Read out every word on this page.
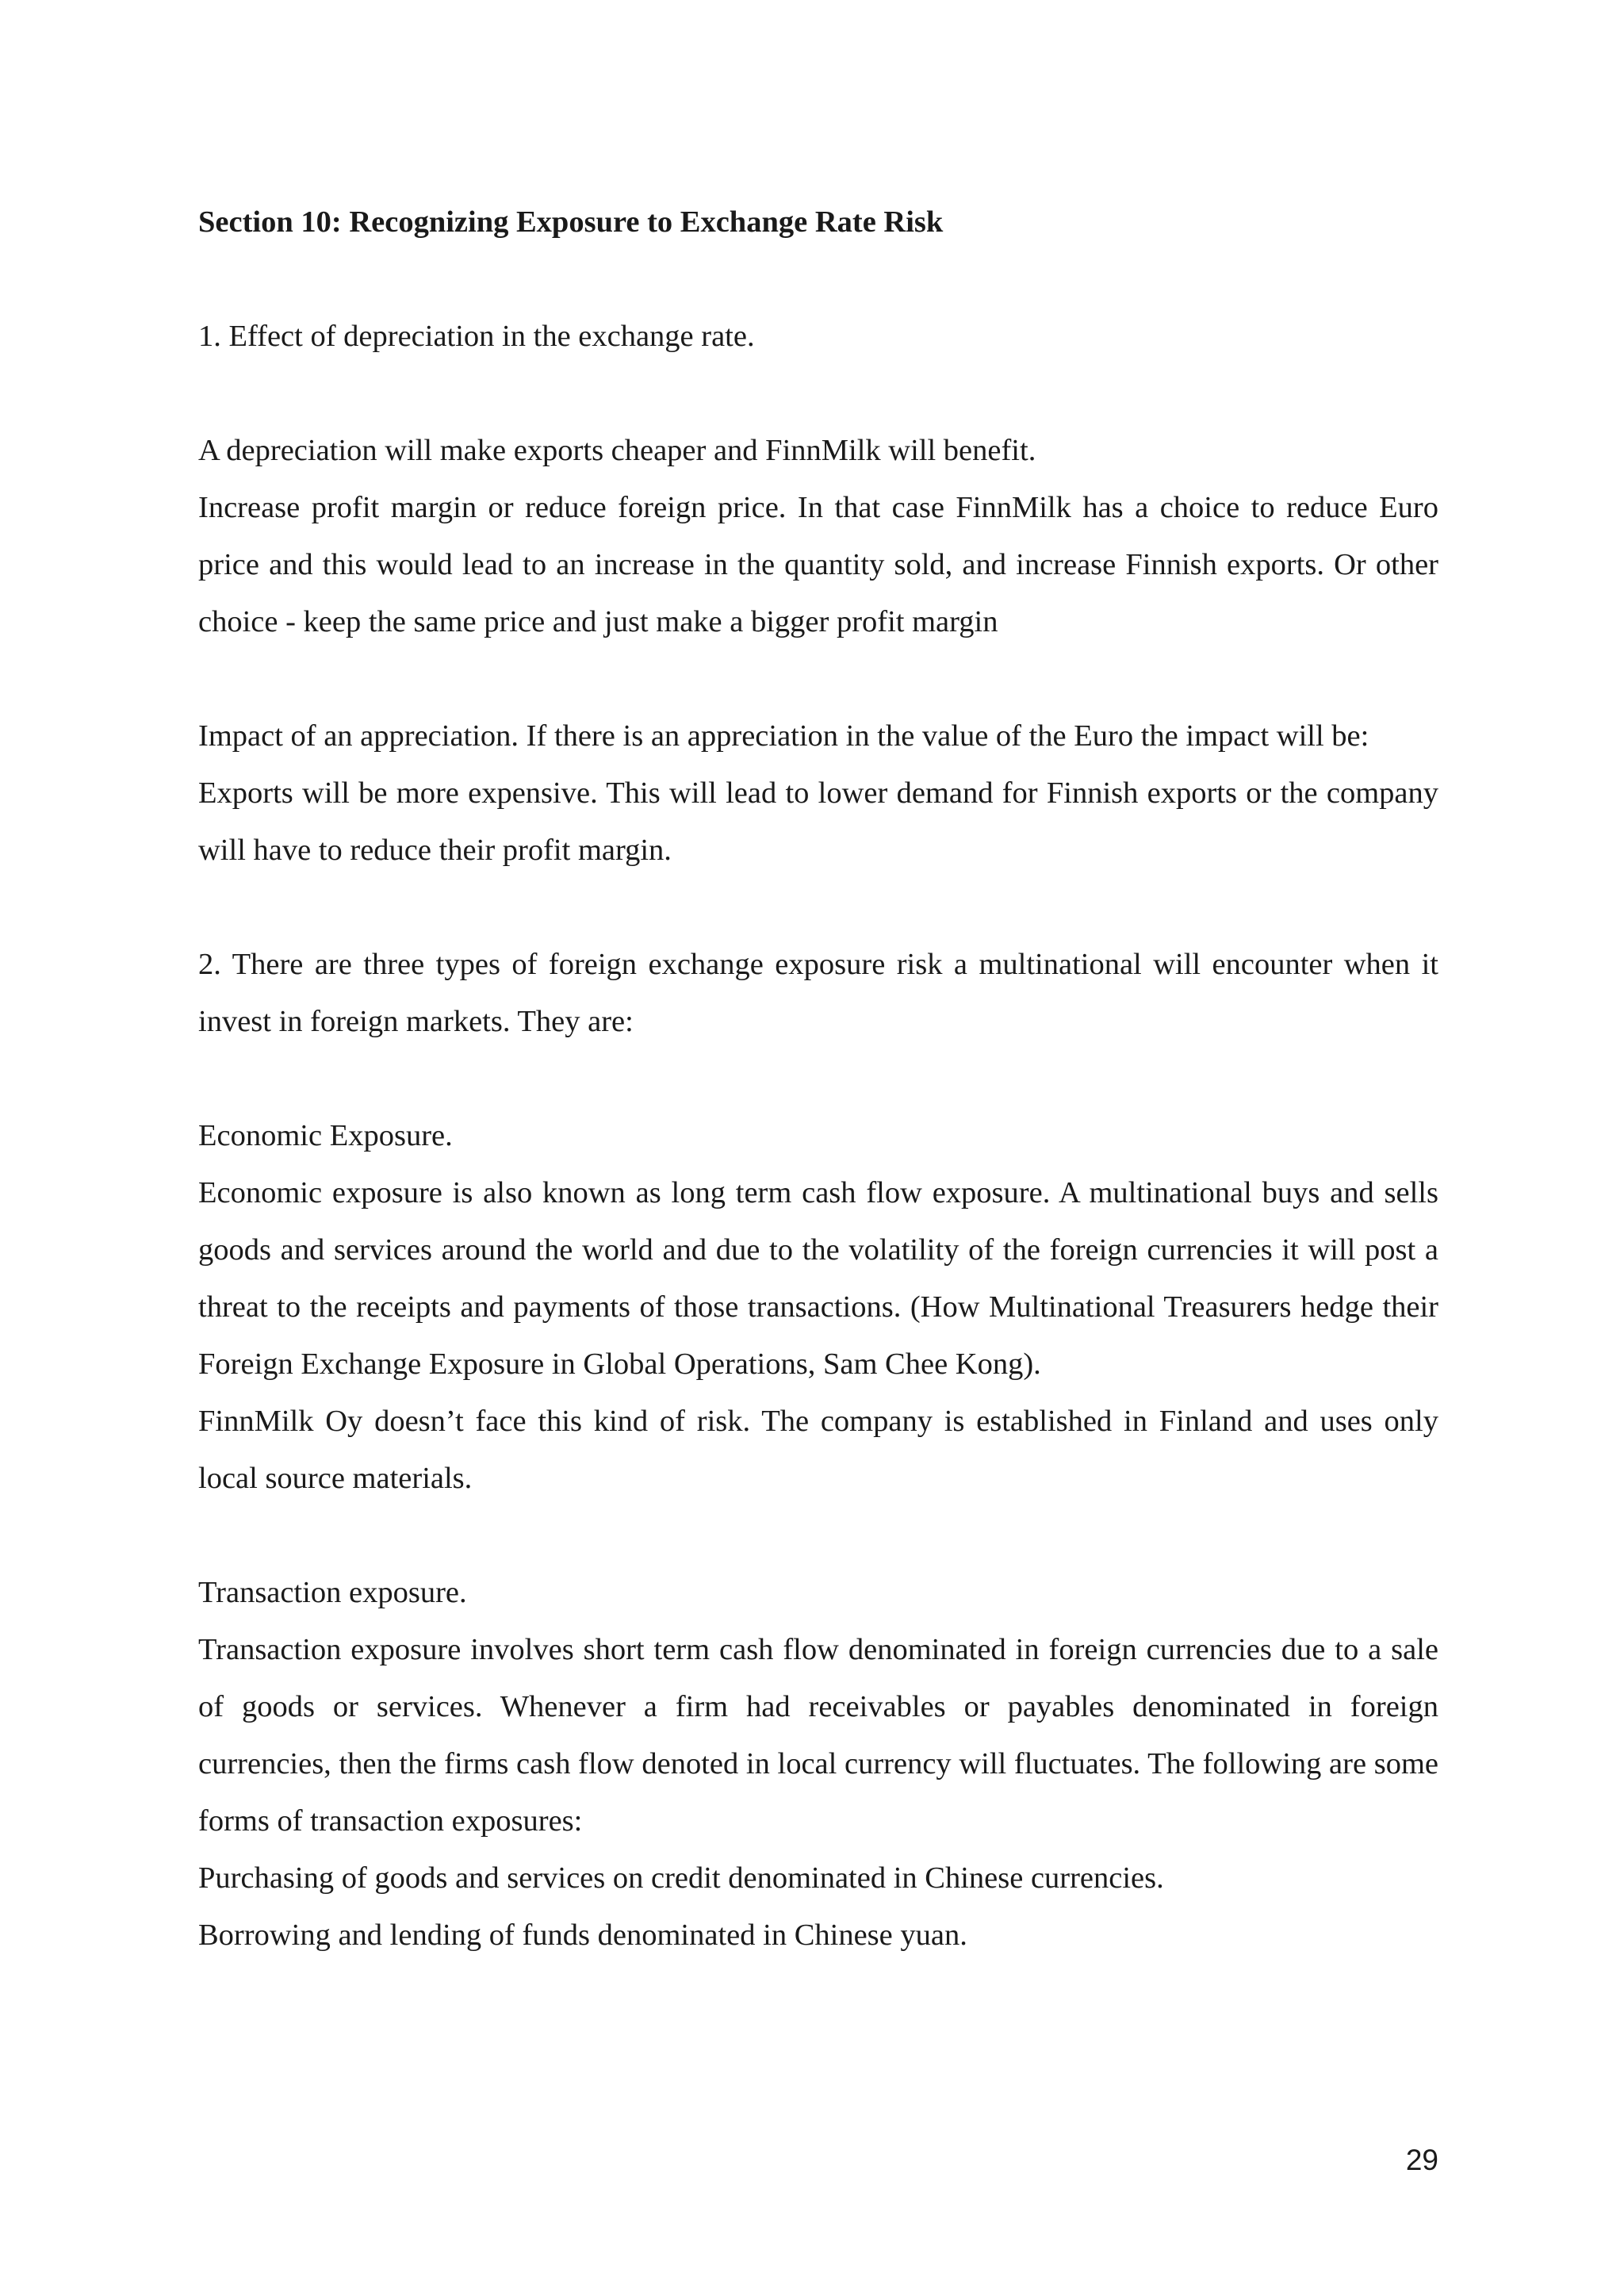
Section 10: Recognizing Exposure to Exchange Rate Risk

1. Effect of depreciation in the exchange rate.

A depreciation will make exports cheaper and FinnMilk will benefit.

Increase profit margin or reduce foreign price. In that case FinnMilk has a choice to reduce Euro price and this would lead to an increase in the quantity sold, and increase Finnish exports. Or other choice - keep the same price and just make a bigger profit margin

Impact of an appreciation. If there is an appreciation in the value of the Euro the impact will be:

Exports will be more expensive. This will lead to lower demand for Finnish exports or the company will have to reduce their profit margin.

2. There are three types of foreign exchange exposure risk a multinational will encounter when it invest in foreign markets. They are:

Economic Exposure.

Economic exposure is also known as long term cash flow exposure. A multinational buys and sells goods and services around the world and due to the volatility of the foreign currencies it will post a threat to the receipts and payments of those transactions. (How Multinational Treasurers hedge their Foreign Exchange Exposure in Global Operations, Sam Chee Kong).

FinnMilk Oy doesn’t face this kind of risk. The company is established in Finland and uses only local source materials.

Transaction exposure.

Transaction exposure involves short term cash flow denominated in foreign currencies due to a sale of goods or services. Whenever a firm had receivables or payables denominated in foreign currencies, then the firms cash flow denoted in local currency will fluctuates. The following are some forms of transaction exposures:

Purchasing of goods and services on credit denominated in Chinese currencies.

Borrowing and lending of funds denominated in Chinese yuan.

29
